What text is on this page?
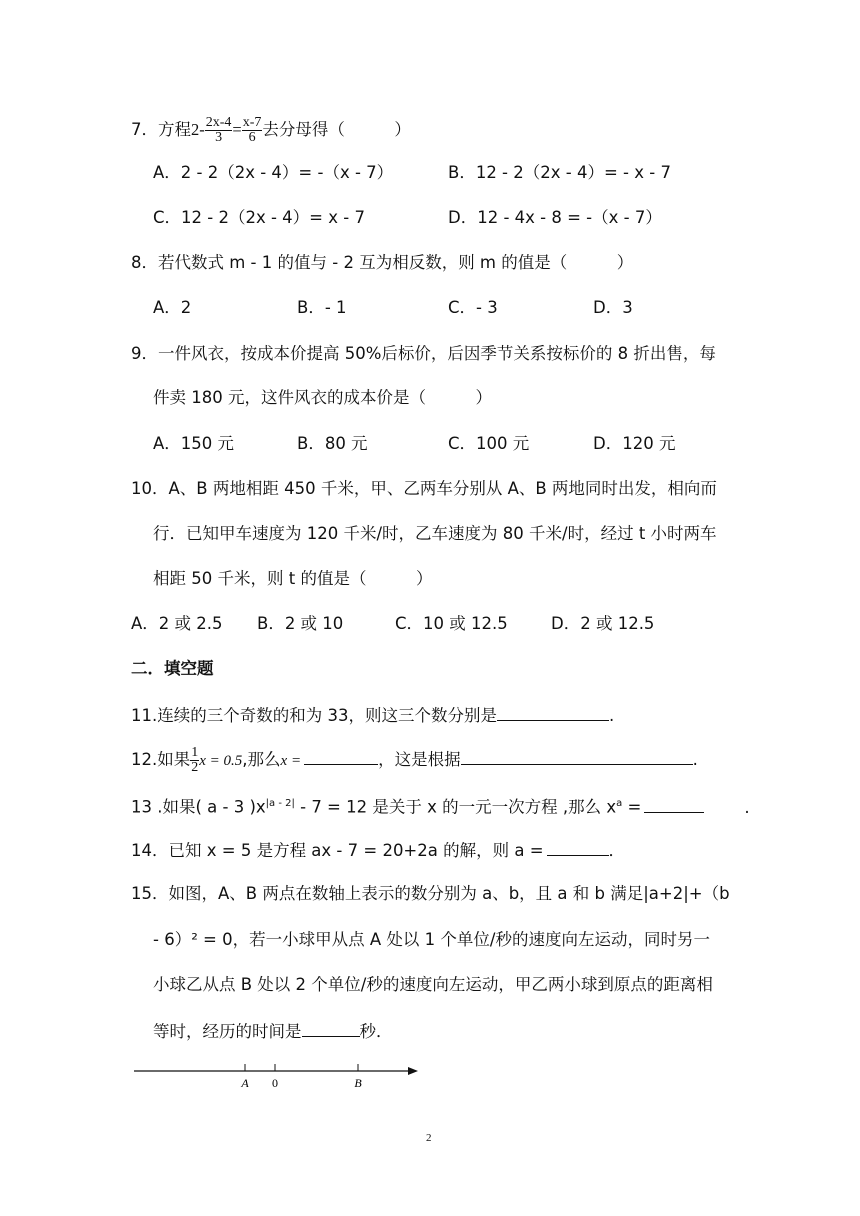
7．方程$2- \frac{2x-4}{3} = \frac{x-7}{6}$ 去分母得（　　　）
A．2 - 2（2x - 4）= -（x - 7）	B．12 - 2（2x - 4）= - x - 7
C．12 - 2（2x - 4）= x - 7	D．12 - 4x - 8 = -（x - 7）
8．若代数式 m - 1 的值与 - 2 互为相反数，则 m 的值是（　　　）
A．2	B．- 1	C．- 3	D．3
9．一件风衣，按成本价提高 50%后标价，后因季节关系按标价的 8 折出售，每
件卖 180 元，这件风衣的成本价是（　　　）
A．150 元	B．80 元	C．100 元	D．120 元
10．A、B 两地相距 450 千米，甲、乙两车分别从 A、B 两地同时出发，相向而
行．已知甲车速度为 120 千米/时，乙车速度为 80 千米/时，经过 t 小时两车
相距 50 千米，则 t 的值是（　　　）
A．2 或 2.5 B．2 或 10	C．10 或 12.5	D．2 或 12.5
二．填空题
11.连续的三个奇数的和为 33，则这三个数分别是	.
12.如果 $\frac{1}{2}$ x = 0.5,那么x =	，这是根据	.
13 .如果( a - 3 )$x^{|a - 2|} - 7 = 12$ 是关于 x 的一元一次方程 ,那么 $x^a$ =	.
14．已知 x = 5 是方程 ax - 7 = 20+2a 的解，则 a =	．
15．如图，A、B 两点在数轴上表示的数分别为 a、b，且 a 和 b 满足|a+2|+（b
- 6）² = 0，若一小球甲从点 A 处以 1 个单位/秒的速度向左运动，同时另一
小球乙从点 B 处以 2 个单位/秒的速度向左运动，甲乙两小球到原点的距离相
等时，经历的时间是	秒．
A 0	B
2
